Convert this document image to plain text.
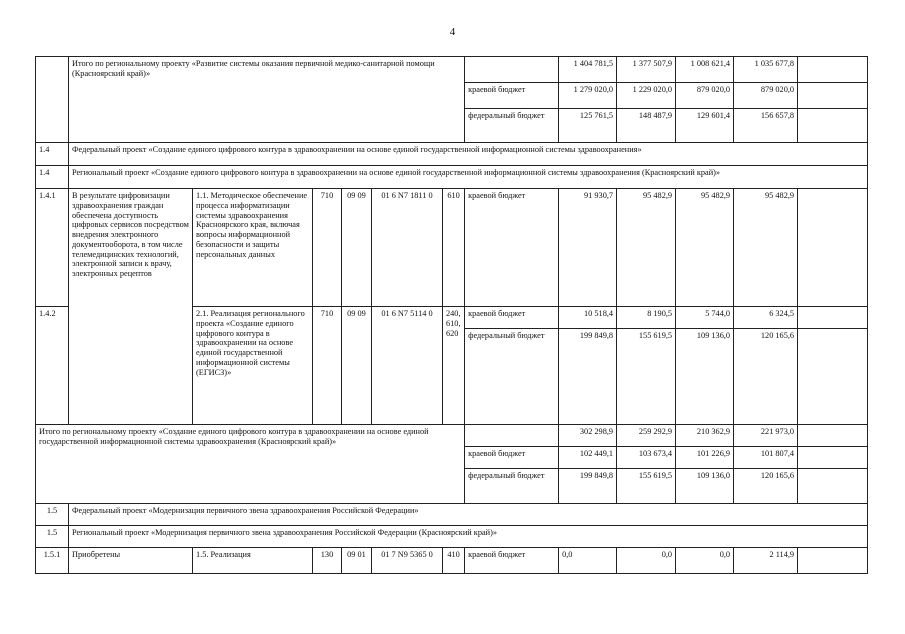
4
	Итого по региональному проекту «Развитие системы оказания первичной медико-санитарной помощи (Красноярский край)»							1 404 781,5	1 377 507,9	1 008 621,4	1 035 677,8	
							краевой бюджет	1 279 020,0	1 229 020,0	879 020,0	879 020,0	
							федеральный бюджет	125 761,5	148 487,9	129 601,4	156 657,8	
1.4	Федеральный проект «Создание единого цифрового контура в здравоохранении на основе единой государственной информационной системы здравоохранения»											
1.4	Региональный проект «Создание единого цифрового контура в здравоохранении на основе единой государственной информационной системы здравоохранения (Красноярский край)»											
1.4.1	В результате цифровизации здравоохранения граждан обеспечена доступность цифровых сервисов посредством внедрения электронного документооборота, в том числе телемедицинских технологий, электронной записи к врачу, электронных рецептов	1.1. Методическое обеспечение процесса информатизации системы здравоохранения Красноярского края, включая вопросы информационной безопасности и защиты персональных данных	710	09 09	01 6 N7 1811 0	610	краевой бюджет	91 930,7	95 482,9	95 482,9	95 482,9	
1.4.2		2.1. Реализация регионального проекта «Создание единого цифрового контура в здравоохранении на основе единой государственной информационной системы (ЕГИСЗ)»	710	09 09	01 6 N7 5114 0	240, 610, 620	краевой бюджет	10 518,4	8 190,5	5 744,0	6 324,5	
							федеральный бюджет	199 849,8	155 619,5	109 136,0	120 165,6	
Итого по региональному проекту «Создание единого цифрового контура в здравоохранении на основе единой государственной информационной системы здравоохранения (Красноярский край)»								302 298,9	259 292,9	210 362,9	221 973,0	
							краевой бюджет	102 449,1	103 673,4	101 226,9	101 807,4	
							федеральный бюджет	199 849,8	155 619,5	109 136,0	120 165,6	
1.5	Федеральный проект «Модернизация первичного звена здравоохранения Российской Федерации»											
1.5	Региональный проект «Модернизация первичного звена здравоохранения Российской Федерации (Красноярский край)»											
1.5.1	Приобретены	1.5. Реализация	130	09 01	01 7 N9 5365 0	410	краевой бюджет	0,0	0,0	0,0	2 114,9	
